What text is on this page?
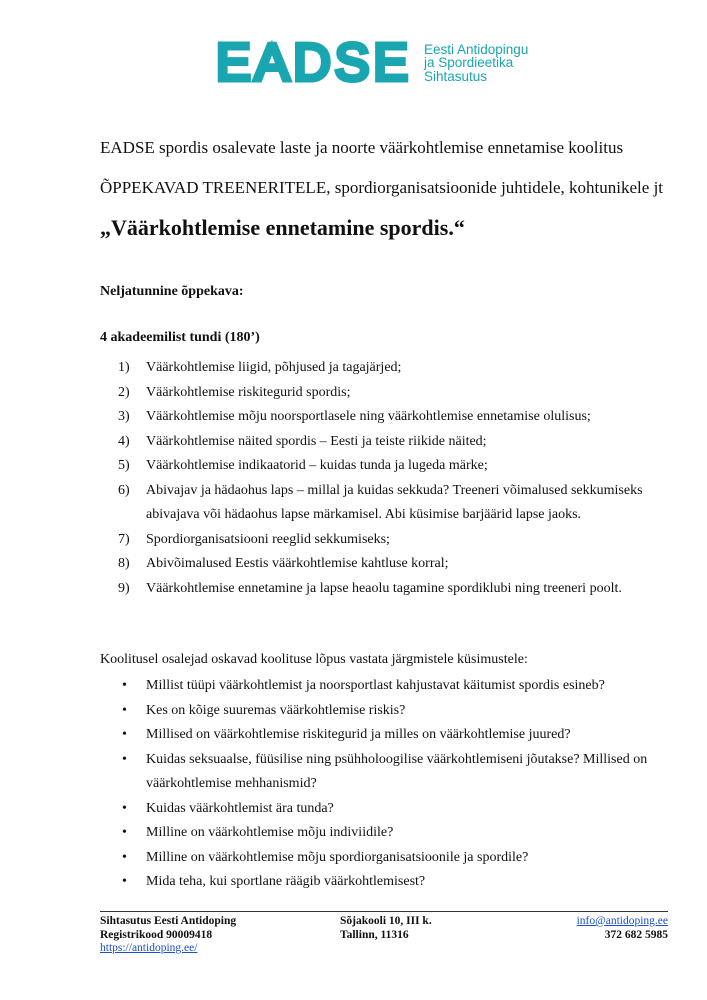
EADSE Eesti Antidopingu
ja Spordieetika
Sihtasutus
EADSE spordis osalevate laste ja noorte väärkohtlemise ennetamise koolitus
ÕPPEKAVAD TREENERITELE, spordiorganisatsioonide juhtidele, kohtunikele jt
„Väärkohtlemise ennetamine spordis.“
Neljatunnine õppekava:
4 akadeemilist tundi (180’)
1) Väärkohtlemise liigid, põhjused ja tagajärjed;
2) Väärkohtlemise riskitegurid spordis;
3) Väärkohtlemise mõju noorsportlasele ning väärkohtlemise ennetamise olulisus;
4) Väärkohtlemise näited spordis – Eesti ja teiste riikide näited;
5) Väärkohtlemise indikaatorid – kuidas tunda ja lugeda märke;
6) Abivajav ja hädaohus laps – millal ja kuidas sekkuda? Treeneri võimalused sekkumiseks abivajava või hädaohus lapse märkamisel. Abi küsimise barjäärid lapse jaoks.
7) Spordiorganisatsiooni reeglid sekkumiseks;
8) Abivõimalused Eestis väärkohtlemise kahtluse korral;
9) Väärkohtlemise ennetamine ja lapse heaolu tagamine spordiklubi ning treeneri poolt.
Koolitusel osalejad oskavad koolituse lõpus vastata järgmistele küsimustele:
• Millist tüüpi väärkohtlemist ja noorsportlast kahjustavat käitumist spordis esineb?
• Kes on kõige suuremas väärkohtlemise riskis?
• Millised on väärkohtlemise riskitegurid ja milles on väärkohtlemise juured?
• Kuidas seksuaalse, füüsilise ning psühholoogilise väärkohtlemiseni jõutakse? Millised on väärkohtlemise mehhanismid?
• Kuidas väärkohtlemist ära tunda?
• Milline on väärkohtlemise mõju indiviidile?
• Milline on väärkohtlemise mõju spordiorganisatsioonile ja spordile?
• Mida teha, kui sportlane räägib väärkohtlemisest?
Sihtasutus Eesti Antidoping
Registrikood 90009418
https://antidoping.ee/
Sõjakooli 10, III k.
Tallinn, 11316
info@antidoping.ee
372 682 5985
